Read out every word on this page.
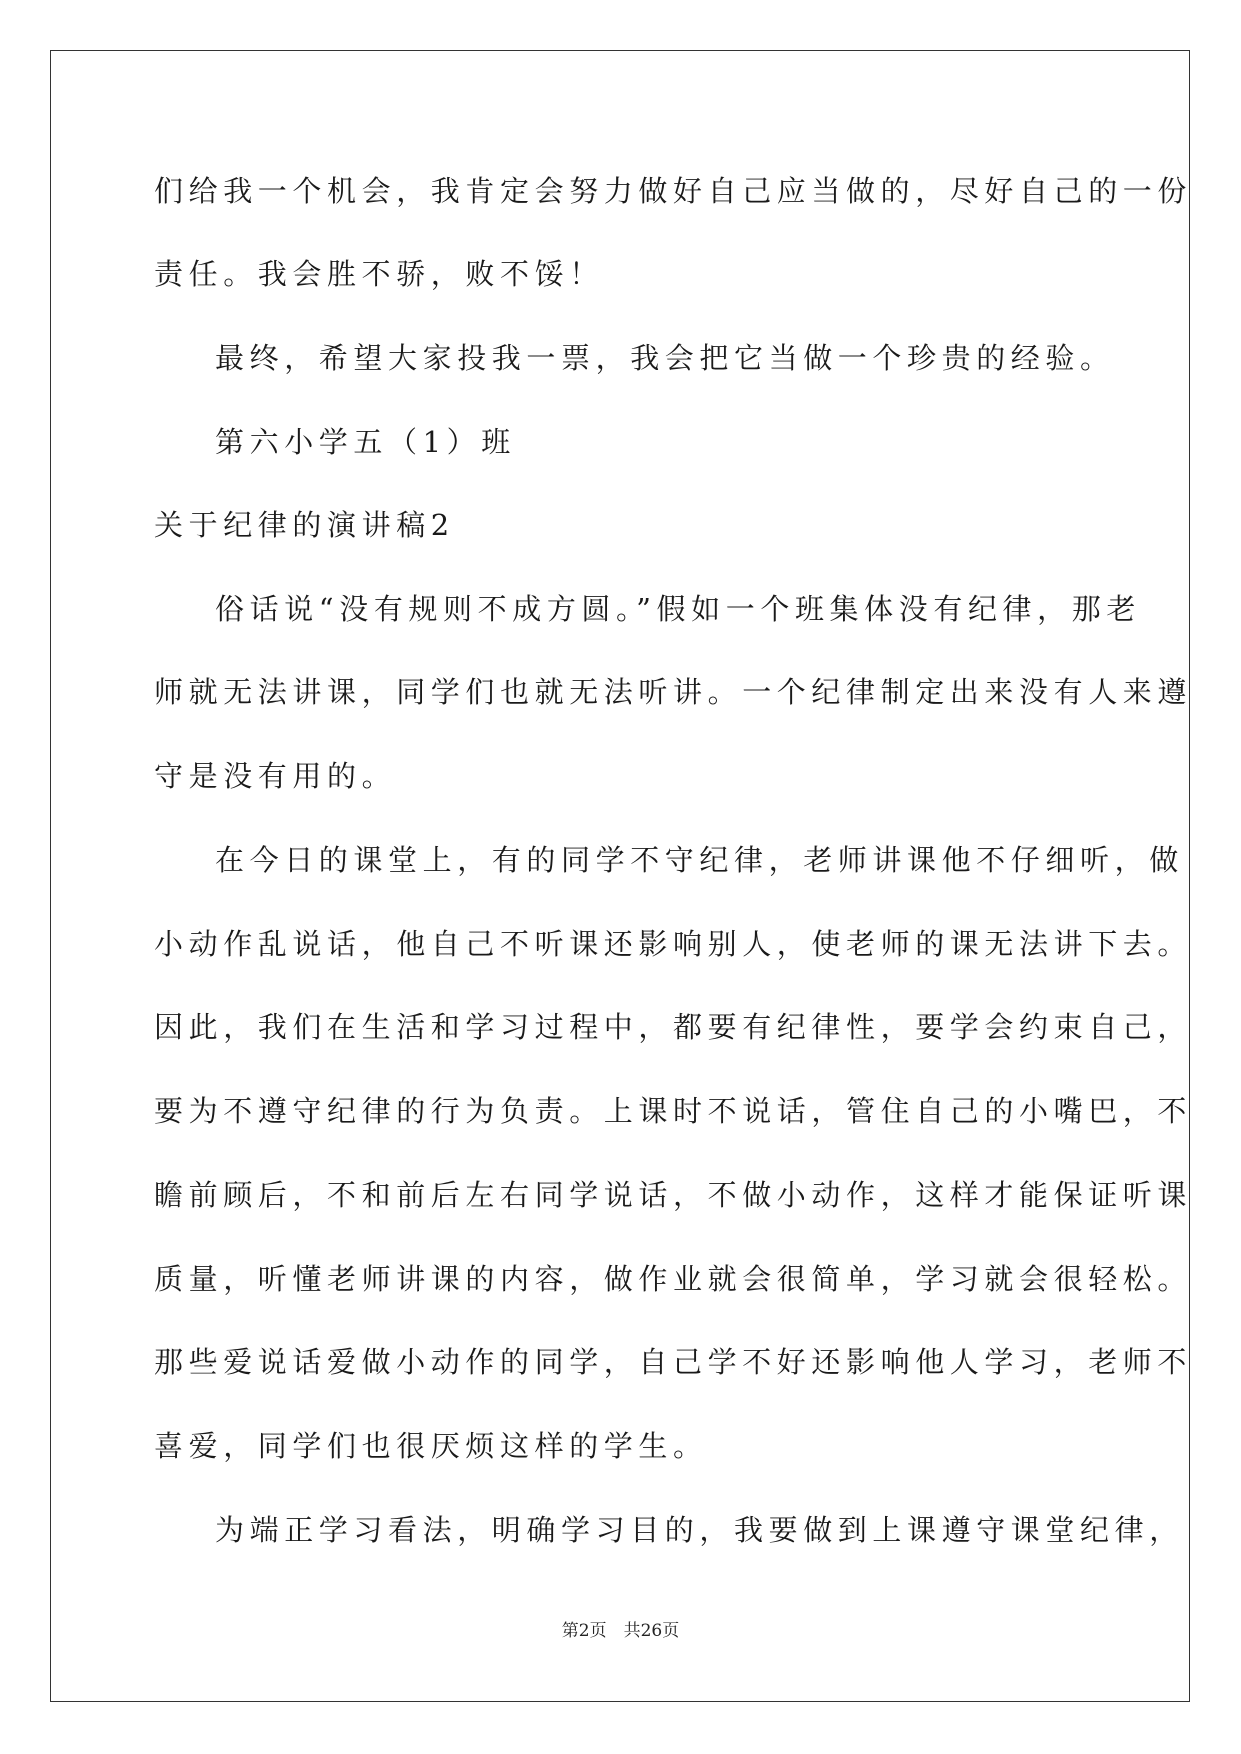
们给我一个机会，我肯定会努力做好自己应当做的，尽好自己的一份
责任。我会胜不骄，败不馁！
最终，希望大家投我一票，我会把它当做一个珍贵的经验。
第六小学五（1）班
关于纪律的演讲稿2
俗话说“没有规则不成方圆。”假如一个班集体没有纪律，那老
师就无法讲课，同学们也就无法听讲。一个纪律制定出来没有人来遵
守是没有用的。
在今日的课堂上，有的同学不守纪律，老师讲课他不仔细听，做
小动作乱说话，他自己不听课还影响别人，使老师的课无法讲下去。
因此，我们在生活和学习过程中，都要有纪律性，要学会约束自己，
要为不遵守纪律的行为负责。上课时不说话，管住自己的小嘴巴，不
瞻前顾后，不和前后左右同学说话，不做小动作，这样才能保证听课
质量，听懂老师讲课的内容，做作业就会很简单，学习就会很轻松。
那些爱说话爱做小动作的同学，自己学不好还影响他人学习，老师不
喜爱，同学们也很厌烦这样的学生。
为端正学习看法，明确学习目的，我要做到上课遵守课堂纪律，
第2页　共26页
